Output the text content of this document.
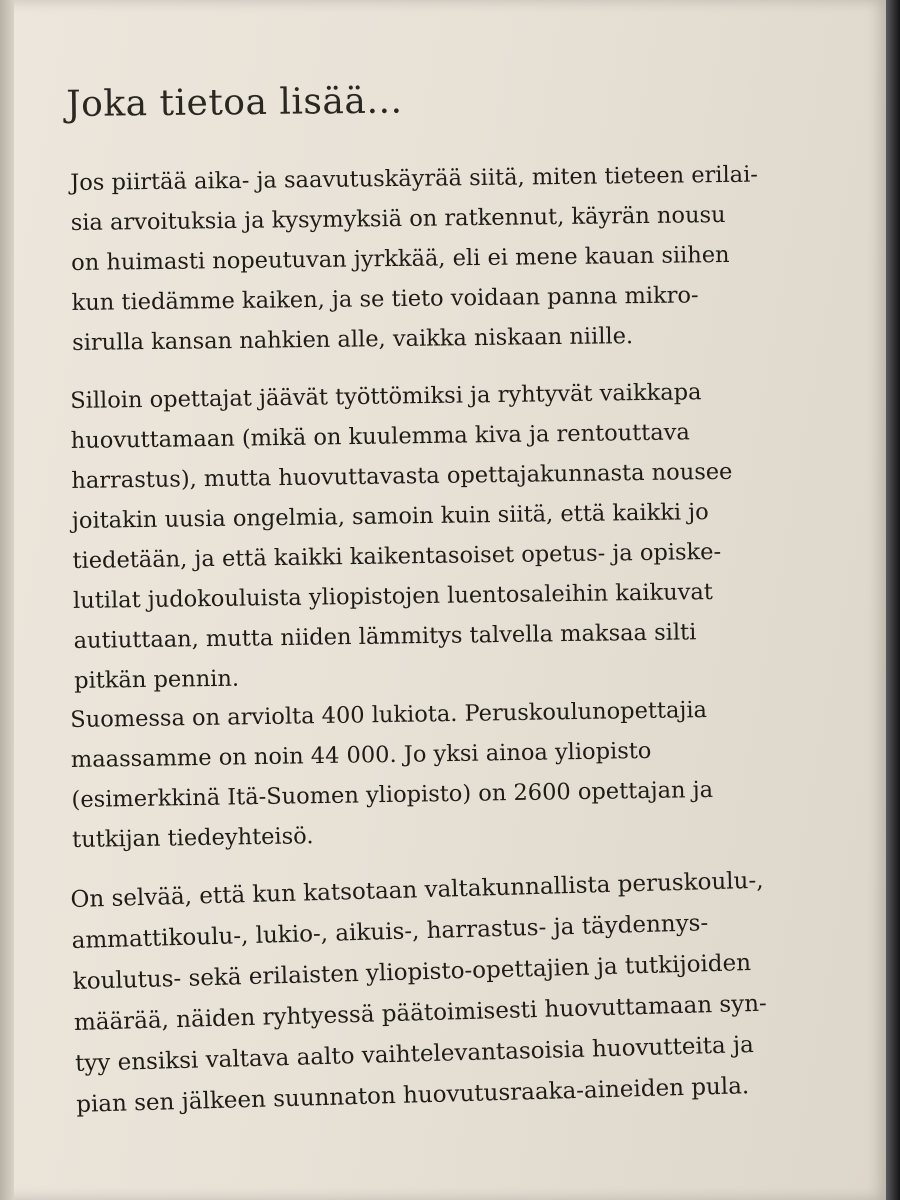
Joka tietoa lisää…
Jos piirtää aika- ja saavutuskäyrää siitä, miten tieteen erilai-
sia arvoituksia ja kysymyksiä on ratkennut, käyrän nousu
on huimasti nopeutuvan jyrkkää, eli ei mene kauan siihen
kun tiedämme kaiken, ja se tieto voidaan panna mikro-
sirulla kansan nahkien alle, vaikka niskaan niille.
Silloin opettajat jäävät työttömiksi ja ryhtyvät vaikkapa
huovuttamaan (mikä on kuulemma kiva ja rentouttava
harrastus), mutta huovuttavasta opettajakunnasta nousee
joitakin uusia ongelmia, samoin kuin siitä, että kaikki jo
tiedetään, ja että kaikki kaikentasoiset opetus- ja opiske-
lutilat judokouluista yliopistojen luentosaleihin kaikuvat
autiuttaan, mutta niiden lämmitys talvella maksaa silti
pitkän pennin.
Suomessa on arviolta 400 lukiota. Peruskoulunopettajia
maassamme on noin 44 000. Jo yksi ainoa yliopisto
(esimerkkinä Itä-Suomen yliopisto) on 2600 opettajan ja
tutkijan tiedeyhteisö.
On selvää, että kun katsotaan valtakunnallista peruskoulu-,
ammattikoulu-, lukio-, aikuis-, harrastus- ja täydennys-
koulutus- sekä erilaisten yliopisto-opettajien ja tutkijoiden
määrää, näiden ryhtyessä päätoimisesti huovuttamaan syn-
tyy ensiksi valtava aalto vaihtelevantasoisia huovutteita ja
pian sen jälkeen suunnaton huovutusraaka-aineiden pula.
